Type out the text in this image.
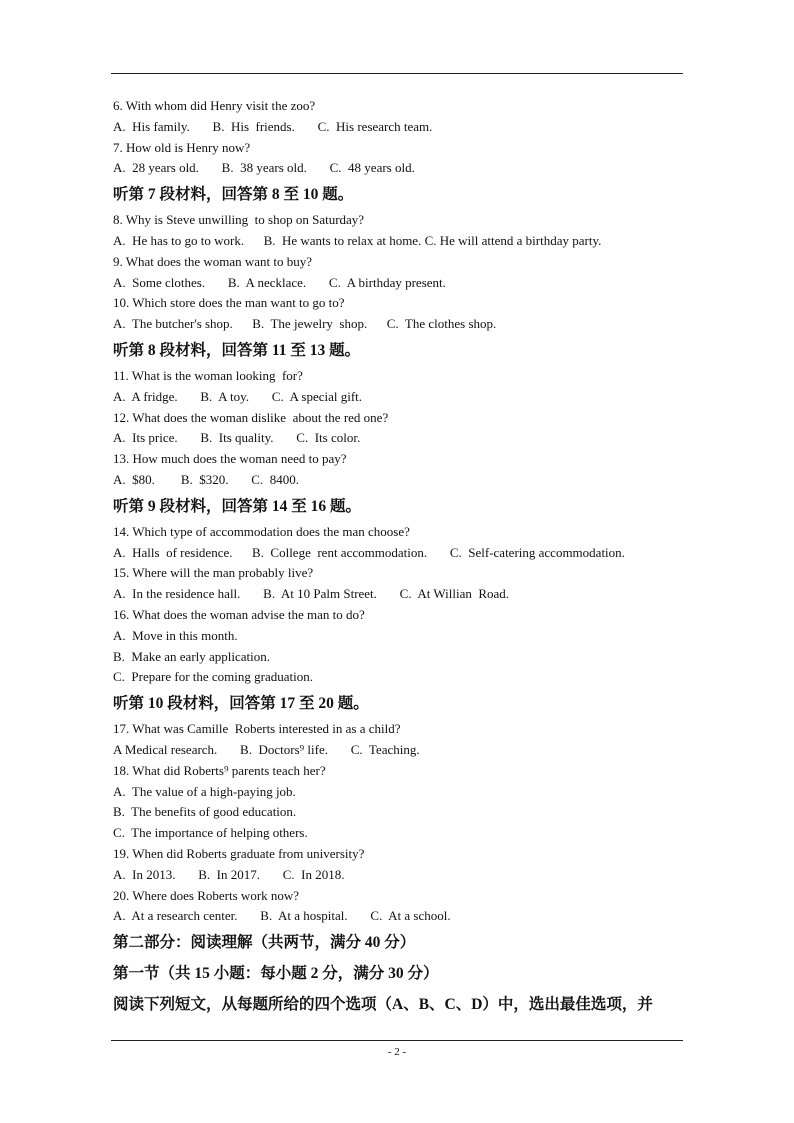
6. With whom did Henry visit the zoo?
A.  His family.       B.  His  friends.       C.  His research team.
7. How old is Henry now?
A.  28 years old.       B.  38 years old.       C.  48 years old.
听第 7 段材料，回答第 8 至 10 题。
8. Why is Steve unwilling  to shop on Saturday?
A.  He has to go to work.      B.  He wants to relax at home. C. He will attend a birthday party.
9. What does the woman want to buy?
A.  Some clothes.       B.  A necklace.       C.  A birthday present.
10. Which store does the man want to go to?
A.  The butcher's shop.      B.  The jewelry  shop.      C.  The clothes shop.
听第 8 段材料，回答第 11 至 13 题。
11. What is the woman looking  for?
A.  A fridge.       B.  A toy.       C.  A special gift.
12. What does the woman dislike  about the red one?
A.  Its price.       B.  Its quality.       C.  Its color.
13. How much does the woman need to pay?
A.  $80.        B.  $320.       C.  8400.
听第 9 段材料，回答第 14 至 16 题。
14. Which type of accommodation does the man choose?
A.  Halls  of residence.      B.  College  rent accommodation.       C.  Self-catering accommodation.
15. Where will the man probably live?
A.  In the residence hall.       B.  At 10 Palm Street.       C.  At Willian  Road.
16. What does the woman advise the man to do?
A.  Move in this month.
B.  Make an early application.
C.  Prepare for the coming graduation.
听第 10 段材料，回答第 17 至 20 题。
17. What was Camille  Roberts interested in as a child?
A Medical research.       B.  Doctors⁹ life.       C.  Teaching.
18. What did Roberts⁹ parents teach her?
A.  The value of a high-paying job.
B.  The benefits of good education.
C.  The importance of helping others.
19. When did Roberts graduate from university?
A.  In 2013.       B.  In 2017.       C.  In 2018.
20. Where does Roberts work now?
A.  At a research center.       B.  At a hospital.       C.  At a school.
第二部分：阅读理解（共两节，满分 40 分）
第一节（共 15 小题：每小题 2 分，满分 30 分）
阅读下列短文，从每题所给的四个选项（A、B、C、D）中，选出最佳选项，并
- 2 -
